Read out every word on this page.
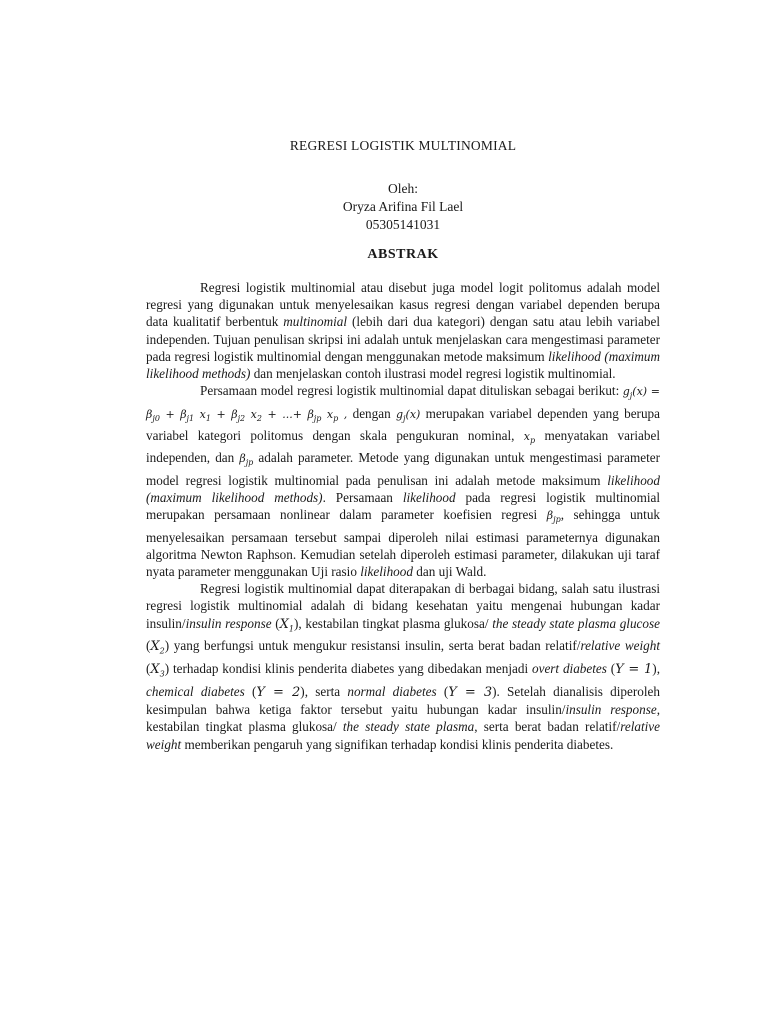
REGRESI LOGISTIK MULTINOMIAL
Oleh:
Oryza Arifina Fil Lael
05305141031
ABSTRAK

Regresi logistik multinomial atau disebut juga model logit politomus adalah model regresi yang digunakan untuk menyelesaikan kasus regresi dengan variabel dependen berupa data kualitatif berbentuk multinomial (lebih dari dua kategori) dengan satu atau lebih variabel independen. Tujuan penulisan skripsi ini adalah untuk menjelaskan cara mengestimasi parameter pada regresi logistik multinomial dengan menggunakan metode maksimum likelihood (maximum likelihood methods) dan menjelaskan contoh ilustrasi model regresi logistik multinomial.

Persamaan model regresi logistik multinomial dapat dituliskan sebagai berikut: $g_j(x) = \beta_{j0} + \beta_{j1}$ $x_1 + \beta_{j2}$ $x_2$ + ...+ $\beta_{jp}$ $x_p$ , dengan $g_j(x)$ merupakan variabel dependen yang berupa variabel kategori politomus dengan skala pengukuran nominal, $x_p$ menyatakan variabel independen, dan $\beta_{jp}$ adalah parameter. Metode yang digunakan untuk mengestimasi parameter model regresi logistik multinomial pada penulisan ini adalah metode maksimum likelihood (maximum likelihood methods). Persamaan likelihood pada regresi logistik multinomial merupakan persamaan nonlinear dalam parameter koefisien regresi $\beta_{jp}$, sehingga untuk menyelesaikan persamaan tersebut sampai diperoleh nilai estimasi parameternya digunakan algoritma Newton Raphson. Kemudian setelah diperoleh estimasi parameter, dilakukan uji taraf nyata parameter menggunakan Uji rasio likelihood dan uji Wald.

Regresi logistik multinomial dapat diterapakan di berbagai bidang, salah satu ilustrasi regresi logistik multinomial adalah di bidang kesehatan yaitu mengenai hubungan kadar insulin/insulin response $(X_1)$, kestabilan tingkat plasma glukosa/ the steady state plasma glucose $(X_2)$ yang berfungsi untuk mengukur resistansi insulin, serta berat badan relatif/relative weight $(X_3)$ terhadap kondisi klinis penderita diabetes yang dibedakan menjadi overt diabetes (Y = 1), chemical diabetes (Y = 2), serta normal diabetes (Y = 3). Setelah dianalisis diperoleh kesimpulan bahwa ketiga faktor tersebut yaitu hubungan kadar insulin/insulin response, kestabilan tingkat plasma glukosa/ the steady state plasma, serta berat badan relatif/relative weight memberikan pengaruh yang signifikan terhadap kondisi klinis penderita diabetes.
